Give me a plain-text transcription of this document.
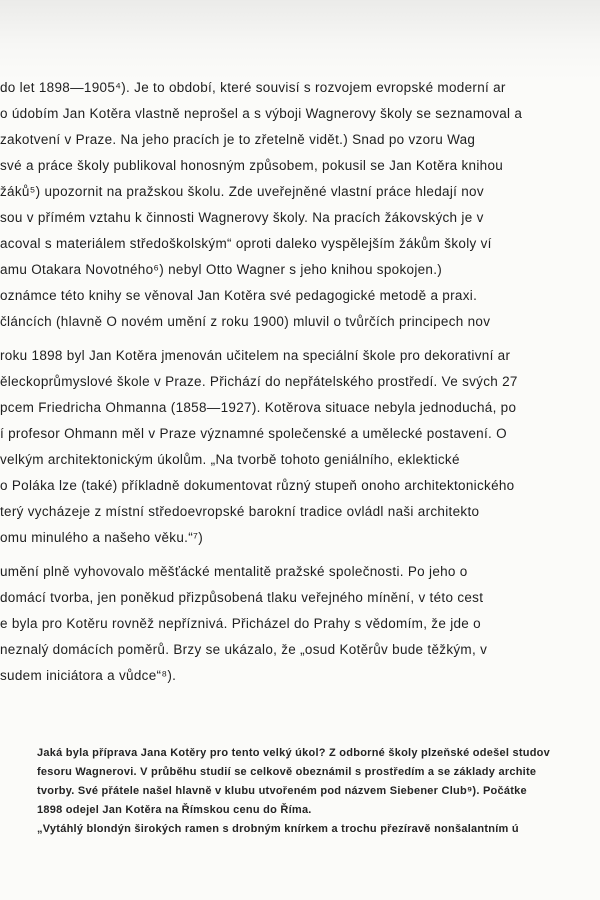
do let 1898—1905⁴). Je to období, které souvisí s rozvojem evropské moderní ar
o údobím Jan Kotěra vlastně neprošel a s výboji Wagnerovy školy se seznamoval a
zakotvení v Praze. Na jeho pracích je to zřetelně vidět.) Snad po vzoru Wag
své a práce školy publikoval honosným způsobem, pokusil se Jan Kotěra knihou
žáků⁵) upozornit na pražskou školu. Zde uveřejněné vlastní práce hledají nov
sou v přímém vztahu k činnosti Wagnerovy školy. Na pracích žákovských je v
acoval s materiálem středoškolským“ oproti daleko vyspělejším žákům školy ví
amu Otakara Novotného⁶) nebyl Otto Wagner s jeho knihou spokojen.)
oznámce této knihy se věnoval Jan Kotěra své pedagogické metodě a praxi.
článcích (hlavně O novém umění z roku 1900) mluvil o tvůrčích principech nov
roku 1898 byl Jan Kotěra jmenován učitelem na speciální škole pro dekorativní ar
ěleckoprůmyslové škole v Praze. Přichází do nepřátelského prostředí. Ve svých 27
pcem Friedricha Ohmanna (1858—1927). Kotěrova situace nebyla jednoduchá, po
í profesor Ohmann měl v Praze významné společenské a umělecké postavení. O
velkým architektonickým úkolům. „Na tvorbě tohoto geniálního, eklektické
o Poláka lze (také) příkladně dokumentovat různý stupeň onoho architektonického
terý vycházeje z místní středoevropské barokní tradice ovládl naši architekto
omu minulého a našeho věku.“⁷)
umění plně vyhovovalo měšťácké mentalitě pražské společnosti. Po jeho o
domácí tvorba, jen poněkud přizpůsobená tlaku veřejného mínění, v této cest
e byla pro Kotěru rovněž nepříznivá. Přicházel do Prahy s vědomím, že jde o
neznalý domácích poměrů. Brzy se ukázalo, že „osud Kotěrův bude těžkým, v
sudem iniciátora a vůdce“⁸).
Jaká byla příprava Jana Kotěry pro tento velký úkol? Z odborné školy plzeňské odešel studov
fesoru Wagnerovi. V průběhu studií se celkově obeznámil s prostředím a se základy archite
tvorby. Své přátele našel hlavně v klubu utvořeném pod názvem Siebener Club⁹). Počátke
1898 odejel Jan Kotěra na Římskou cenu do Říma.
„Vytáhlý blondýn širokých ramen s drobným knírkem a trochu přezíravě nonšalantním ú
